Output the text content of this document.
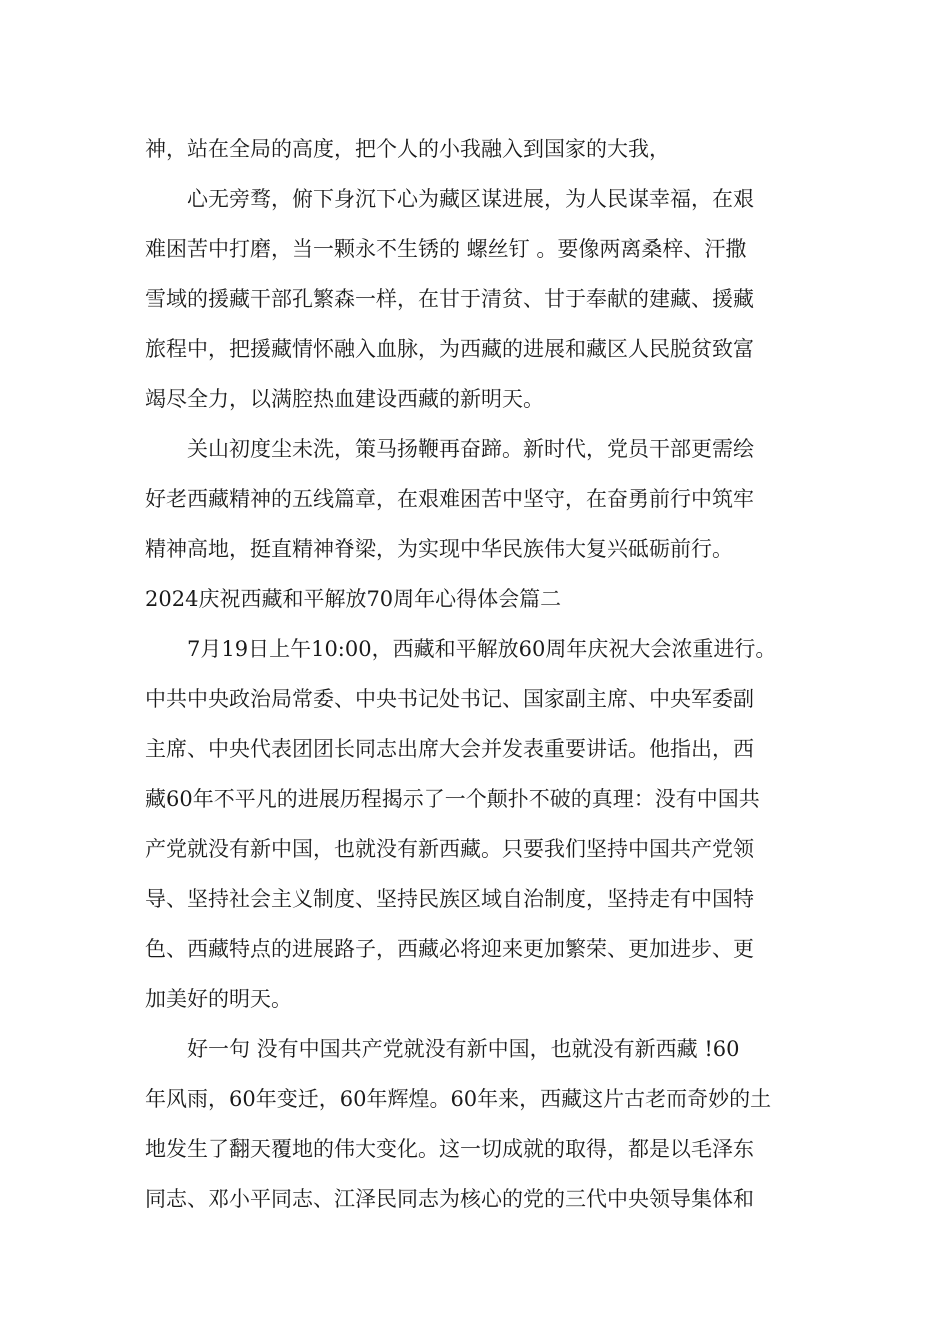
神，站在全局的高度，把个人的小我融入到国家的大我，
心无旁骛，俯下身沉下心为藏区谋进展，为人民谋幸福，在艰
难困苦中打磨，当一颗永不生锈的 螺丝钉 。要像两离桑梓、汗撒
雪域的援藏干部孔繁森一样，在甘于清贫、甘于奉献的建藏、援藏
旅程中，把援藏情怀融入血脉，为西藏的进展和藏区人民脱贫致富
竭尽全力，以满腔热血建设西藏的新明天。
关山初度尘未洗，策马扬鞭再奋蹄。新时代，党员干部更需绘
好老西藏精神的五线篇章，在艰难困苦中坚守，在奋勇前行中筑牢
精神高地，挺直精神脊梁，为实现中华民族伟大复兴砥砺前行。
2024庆祝西藏和平解放70周年心得体会篇二
7月19日上午10:00，西藏和平解放60周年庆祝大会浓重进行。
中共中央政治局常委、中央书记处书记、国家副主席、中央军委副
主席、中央代表团团长同志出席大会并发表重要讲话。他指出，西
藏60年不平凡的进展历程揭示了一个颠扑不破的真理：没有中国共
产党就没有新中国，也就没有新西藏。只要我们坚持中国共产党领
导、坚持社会主义制度、坚持民族区域自治制度，坚持走有中国特
色、西藏特点的进展路子，西藏必将迎来更加繁荣、更加进步、更
加美好的明天。
好一句 没有中国共产党就没有新中国，也就没有新西藏 !60
年风雨，60年变迁，60年辉煌。60年来，西藏这片古老而奇妙的土
地发生了翻天覆地的伟大变化。这一切成就的取得，都是以毛泽东
同志、邓小平同志、江泽民同志为核心的党的三代中央领导集体和
